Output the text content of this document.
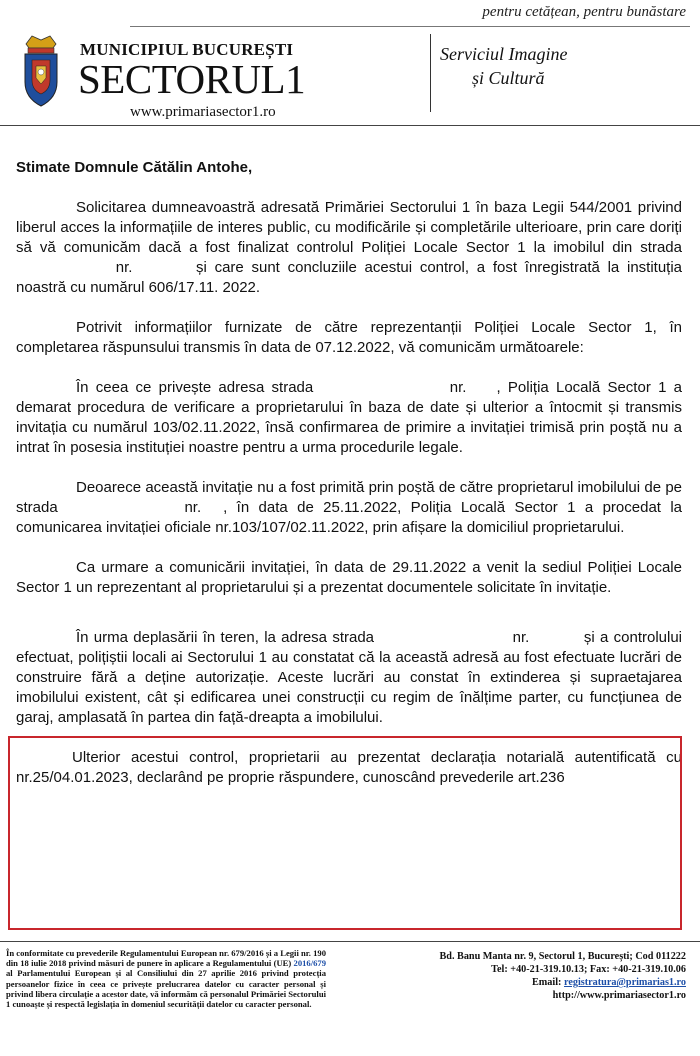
pentru cetățean, pentru bunăstare
MUNICIPIUL BUCUREȘTI
SECTORUL1
www.primariasector1.ro
Serviciul Imagine
și Cultură
Stimate Domnule Cătălin Antohe,

Solicitarea dumneavoastră adresată Primăriei Sectorului 1 în baza Legii 544/2001 privind liberul acces la informațiile de interes public, cu modificările și completările ulterioare, prin care doriți să vă comunicăm dacă a fost finalizat controlul Poliției Locale Sector 1 la imobilul din strada  nr.	și care sunt concluziile acestui control, a fost înregistrată la instituția noastră cu numărul 606/17.11. 2022.

Potrivit informațiilor furnizate de către reprezentanții Poliției Locale Sector 1, în completarea răspunsului transmis în data de 07.12.2022, vă comunicăm următoarele:

În ceea ce privește adresa strada	nr. , Poliția Locală Sector 1 a demarat procedura de verificare a proprietarului în baza de date și ulterior a întocmit și transmis invitația cu numărul 103/02.11.2022, însă confirmarea de primire a invitației trimisă prin poștă nu a intrat în posesia instituției noastre pentru a urma procedurile legale.

Deoarece această invitație nu a fost primită prin poștă de către proprietarul imobilului de pe strada	nr. , în data de 25.11.2022, Poliția Locală Sector 1 a procedat la comunicarea invitației oficiale nr.103/107/02.11.2022, prin afișare la domiciliul proprietarului.

Ca urmare a comunicării invitației, în data de 29.11.2022 a venit la sediul Poliției Locale Sector 1 un reprezentant al proprietarului și a prezentat documentele solicitate în invitație.

În urma deplasării în teren, la adresa strada	nr.	și a controlului efectuat, polițiștii locali ai Sectorului 1 au constatat că la această adresă au fost efectuate lucrări de construire fără a deține autorizație. Aceste lucrări au constat în extinderea și supraetajarea imobilului existent, cât și edificarea unei construcții cu regim de înălțime parter, cu funcțiunea de garaj, amplasată în partea din față-dreapta a imobilului.

Ulterior acestui control, proprietarii au prezentat declarația notarială autentificată cu nr.25/04.01.2023, declarând pe proprie răspundere, cunoscând prevederile art.236

În conformitate cu prevederile Regulamentului European nr. 679/2016 și a Legii nr. 190 din 18 iulie 2018 privind măsuri de punere în aplicare a Regulamentului (UE) 2016/679 al Parlamentului European și al Consiliului din 27 aprilie 2016 privind protecția persoanelor fizice în ceea ce privește prelucrarea datelor cu caracter personal și privind libera circulație a acestor date, vă informăm că personalul Primăriei Sectorului 1 cunoaște și respectă legislația în domeniul securității datelor cu caracter personal.
Bd. Banu Manta nr. 9, Sectorul 1, București; Cod 011222
Tel: +40-21-319.10.13; Fax: +40-21-319.10.06
Email: registratura@primarias1.ro
http://www.primariasector1.ro
